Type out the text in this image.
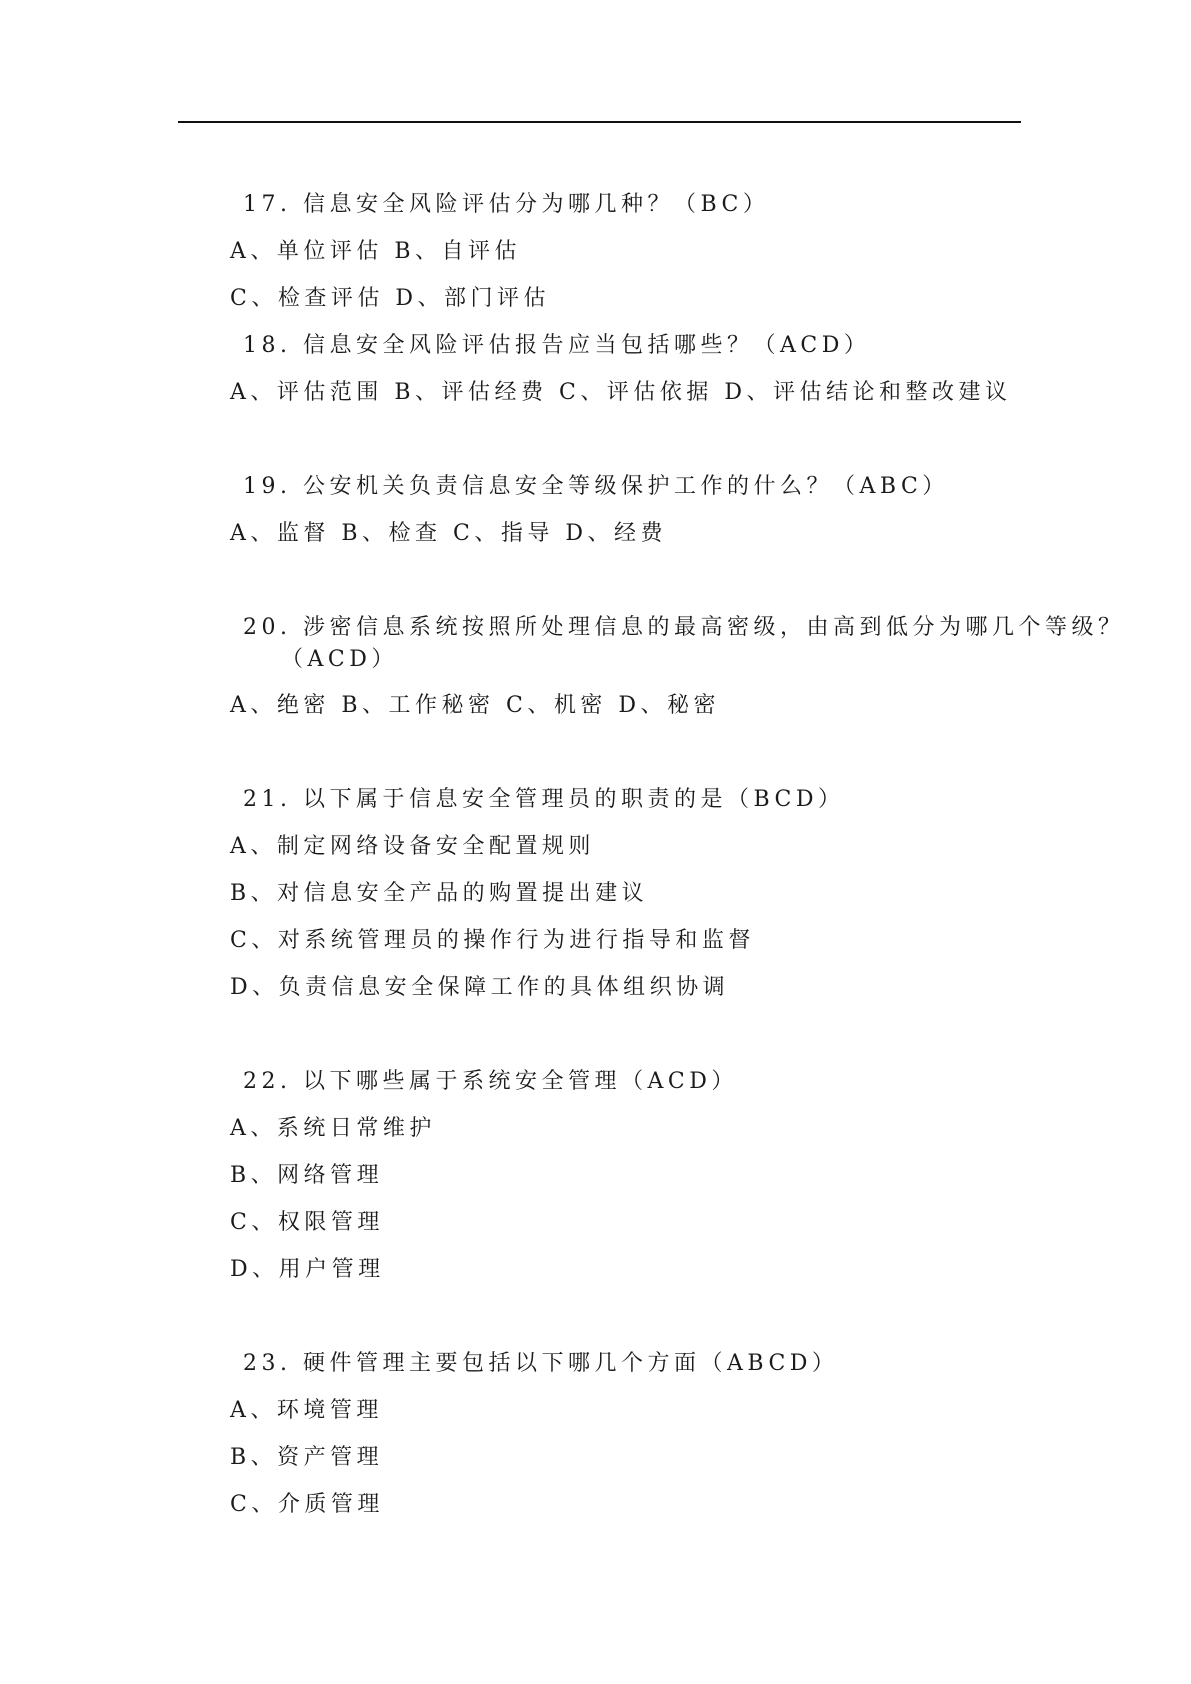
17. 信息安全风险评估分为哪几种？（BC）
A、单位评估 B、自评估
C、检查评估 D、部门评估
18. 信息安全风险评估报告应当包括哪些？（ACD）
A、评估范围 B、评估经费 C、评估依据 D、评估结论和整改建议
19. 公安机关负责信息安全等级保护工作的什么？（ABC）
A、监督 B、检查 C、指导 D、经费
20. 涉密信息系统按照所处理信息的最高密级，由高到低分为哪几个等级？
（ACD）
A、绝密 B、工作秘密 C、机密 D、秘密
21. 以下属于信息安全管理员的职责的是（BCD）
A、制定网络设备安全配置规则
B、对信息安全产品的购置提出建议
C、对系统管理员的操作行为进行指导和监督
D、负责信息安全保障工作的具体组织协调
22. 以下哪些属于系统安全管理（ACD）
A、系统日常维护
B、网络管理
C、权限管理
D、用户管理
23. 硬件管理主要包括以下哪几个方面（ABCD）
A、环境管理
B、资产管理
C、介质管理
